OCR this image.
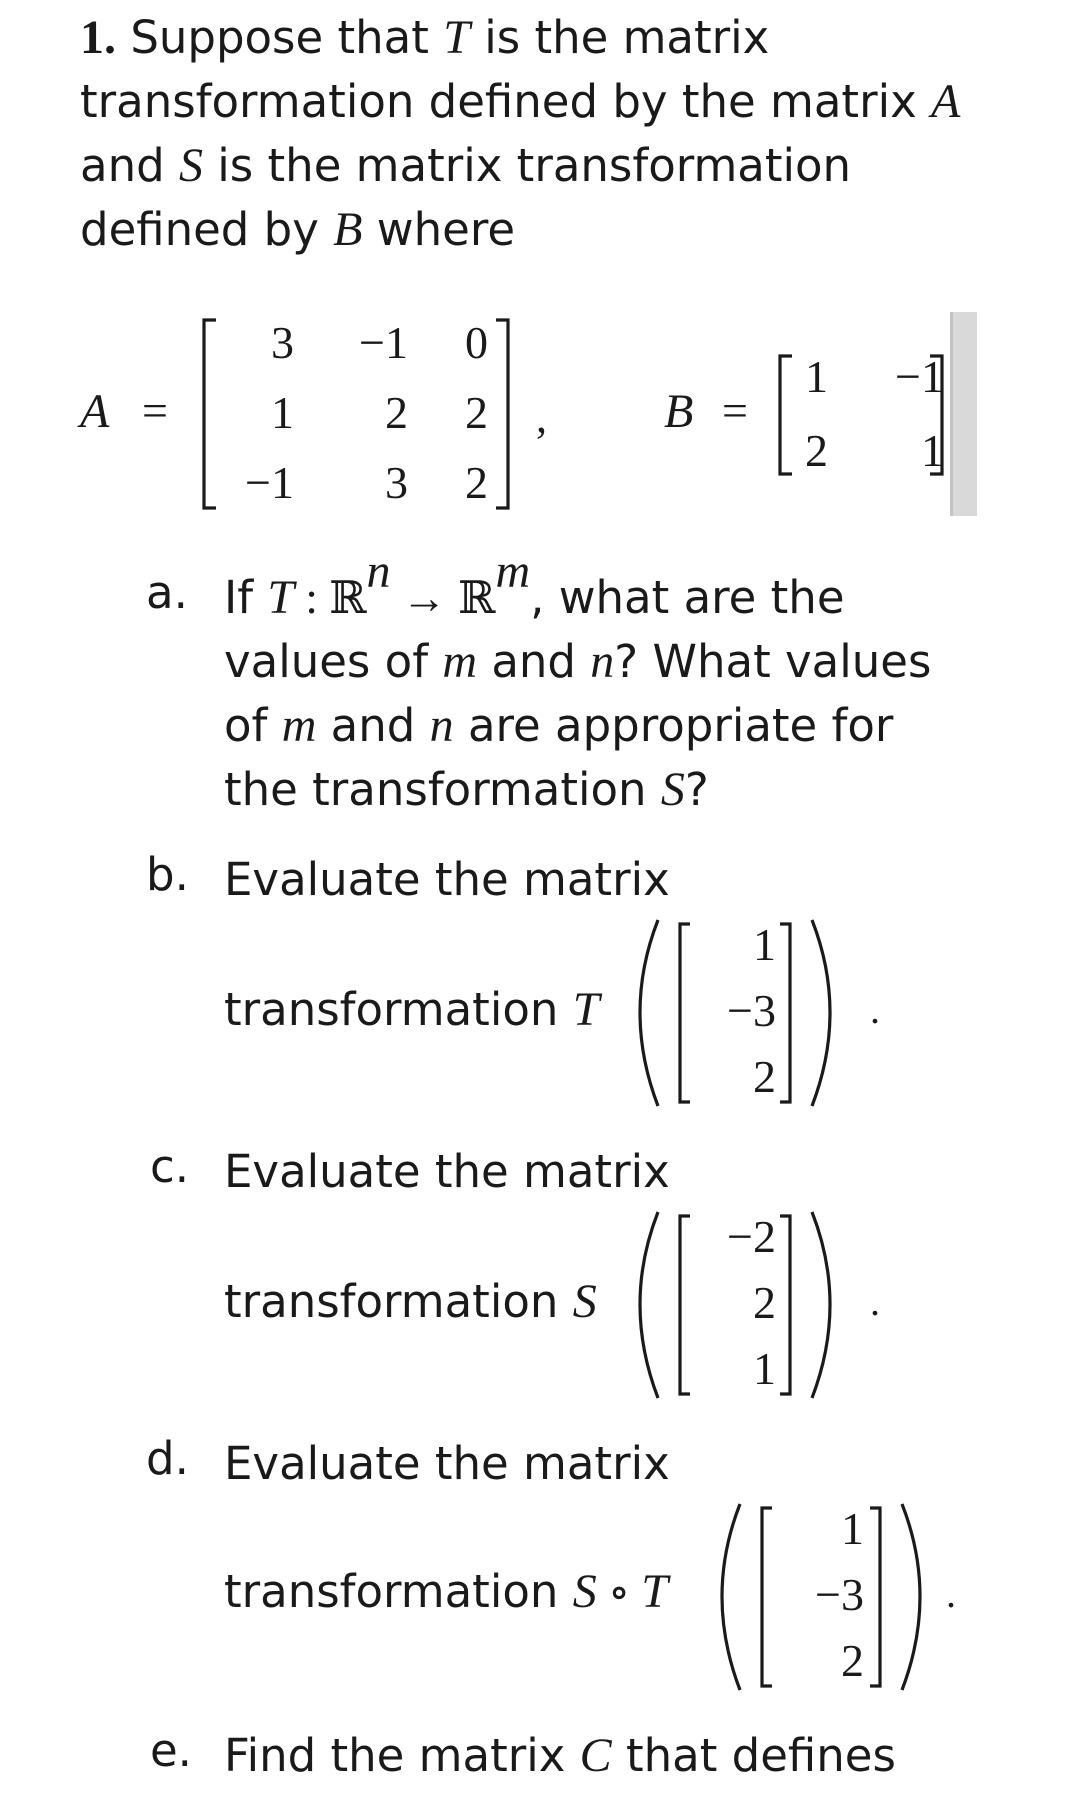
1. Suppose that T is the matrix
transformation defined by the matrix A
and S is the matrix transformation
defined by B where
A =
3	−1	0
1	2	2
−1	3	2
, B =
1	−1
2	1
a. If T : ℝ$^n$ → ℝ$^m$, what are the
values of m and n? What values
of m and n are appropriate for
the transformation S?
b. Evaluate the matrix
transformation T
1
−3
2
.
c. Evaluate the matrix
transformation S
−2
2
1
.
d. Evaluate the matrix
transformation S ∘ T
1
−3
2
.
e. Find the matrix C that defines
